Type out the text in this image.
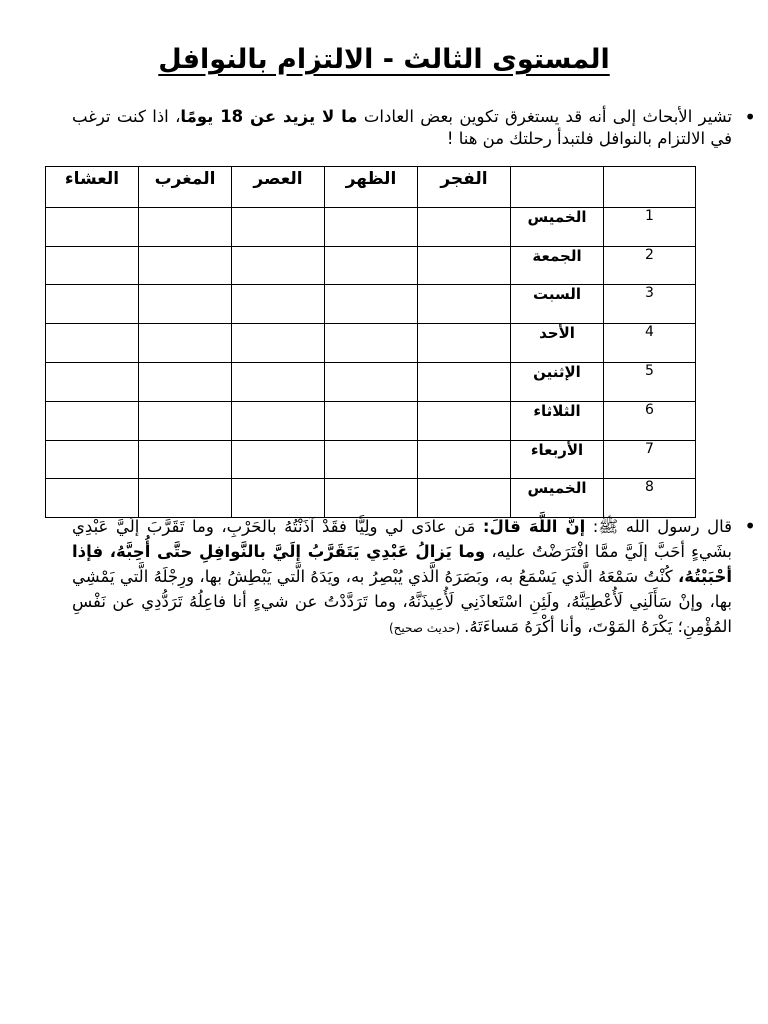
المستوى الثالث - الالتزام بالنوافل
•
تشير الأبحاث إلى أنه قد يستغرق تكوين بعض العادات ما لا يزيد عن 18 يومًا، اذا كنت ترغب في الالتزام بالنوافل فلتبدأ رحلتك من هنا !
		الفجر	الظهر	العصر	المغرب	العشاء
1	الخميس					
2	الجمعة					
3	السبت					
4	الأحد					
5	الإثنين					
6	الثلاثاء					
7	الأربعاء					
8	الخميس					
•
قال رسول الله ﷺ: إنَّ اللَّهَ قالَ: مَن عادَى لي ولِيًّا فقَدْ آذَنْتُهُ بالحَرْبِ، وما تَقَرَّبَ إلَيَّ عَبْدِي بشَيءٍ أحَبَّ إلَيَّ ممَّا افْتَرَضْتُ عليه، وما يَزالُ عَبْدِي يَتَقَرَّبُ إلَيَّ بالنَّوافِلِ حتَّى أُحِبَّهُ، فإذا أحْبَبْتُهُ، كُنْتُ سَمْعَهُ الَّذي يَسْمَعُ به، وبَصَرَهُ الَّذي يُبْصِرُ به، ويَدَهُ الَّتي يَبْطِشُ بها، ورِجْلَهُ الَّتي يَمْشِي بها، وإنْ سَأَلَنِي لَأُعْطِيَنَّهُ، ولَئِنِ اسْتَعاذَنِي لَأُعِيذَنَّهُ، وما تَرَدَّدْتُ عن شيءٍ أنا فاعِلُهُ تَرَدُّدِي عن نَفْسِ المُؤْمِنِ؛ يَكْرَهُ المَوْتَ، وأنا أكْرَهُ مَساءَتَهُ. (حديث صحيح)
